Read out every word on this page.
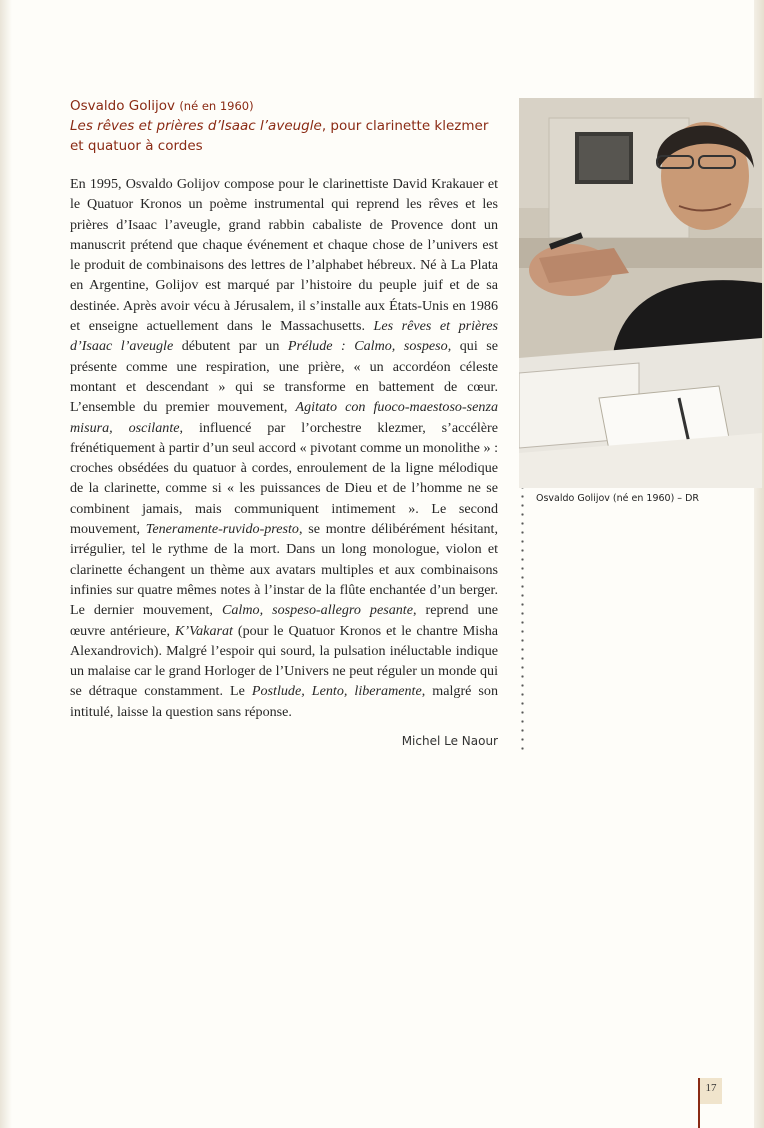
Osvaldo Golijov (né en 1960)
Les rêves et prières d’Isaac l’aveugle, pour clarinette klezmer
et quatuor à cordes

En 1995, Osvaldo Golijov compose pour le clarinettiste David Krakauer et le Quatuor Kronos un poème instrumental qui reprend les rêves et les prières d’Isaac l’aveugle, grand rabbin cabaliste de Provence dont un manuscrit prétend que chaque événement et chaque chose de l’univers est le produit de combinaisons des lettres de l’alphabet hébreux. Né à La Plata en Argentine, Golijov est marqué par l’histoire du peuple juif et de sa destinée. Après avoir vécu à Jérusalem, il s’installe aux États-Unis en 1986 et enseigne actuellement dans le Massachusetts. Les rêves et prières d’Isaac l’aveugle débutent par un Prélude : Calmo, sospeso, qui se présente comme une respiration, une prière, « un accordéon céleste montant et descendant » qui se transforme en battement de cœur. L’ensemble du premier mouvement, Agitato con fuoco-maestoso-senza misura, oscilante, influencé par l’orchestre klezmer, s’accélère frénétiquement à partir d’un seul accord « pivotant comme un monolithe » : croches obsédées du quatuor à cordes, enroulement de la ligne mélodique de la clarinette, comme si « les puissances de Dieu et de l’homme ne se combinent jamais, mais communiquent intimement ». Le second mouvement, Teneramente-ruvido-presto, se montre délibérément hésitant, irrégulier, tel le rythme de la mort. Dans un long monologue, violon et clarinette échangent un thème aux avatars multiples et aux combinaisons infinies sur quatre mêmes notes à l’instar de la flûte enchantée d’un berger. Le dernier mouvement, Calmo, sospeso-allegro pesante, reprend une œuvre antérieure, K’Vakarat (pour le Quatuor Kronos et le chantre Misha Alexandrovich). Malgré l’espoir qui sourd, la pulsation inéluctable indique un malaise car le grand Horloger de l’Univers ne peut réguler un monde qui se détraque constamment. Le Postlude, Lento, liberamente, malgré son intitulé, laisse la question sans réponse.

Michel Le Naour
Osvaldo Golijov (né en 1960) – DR
17
